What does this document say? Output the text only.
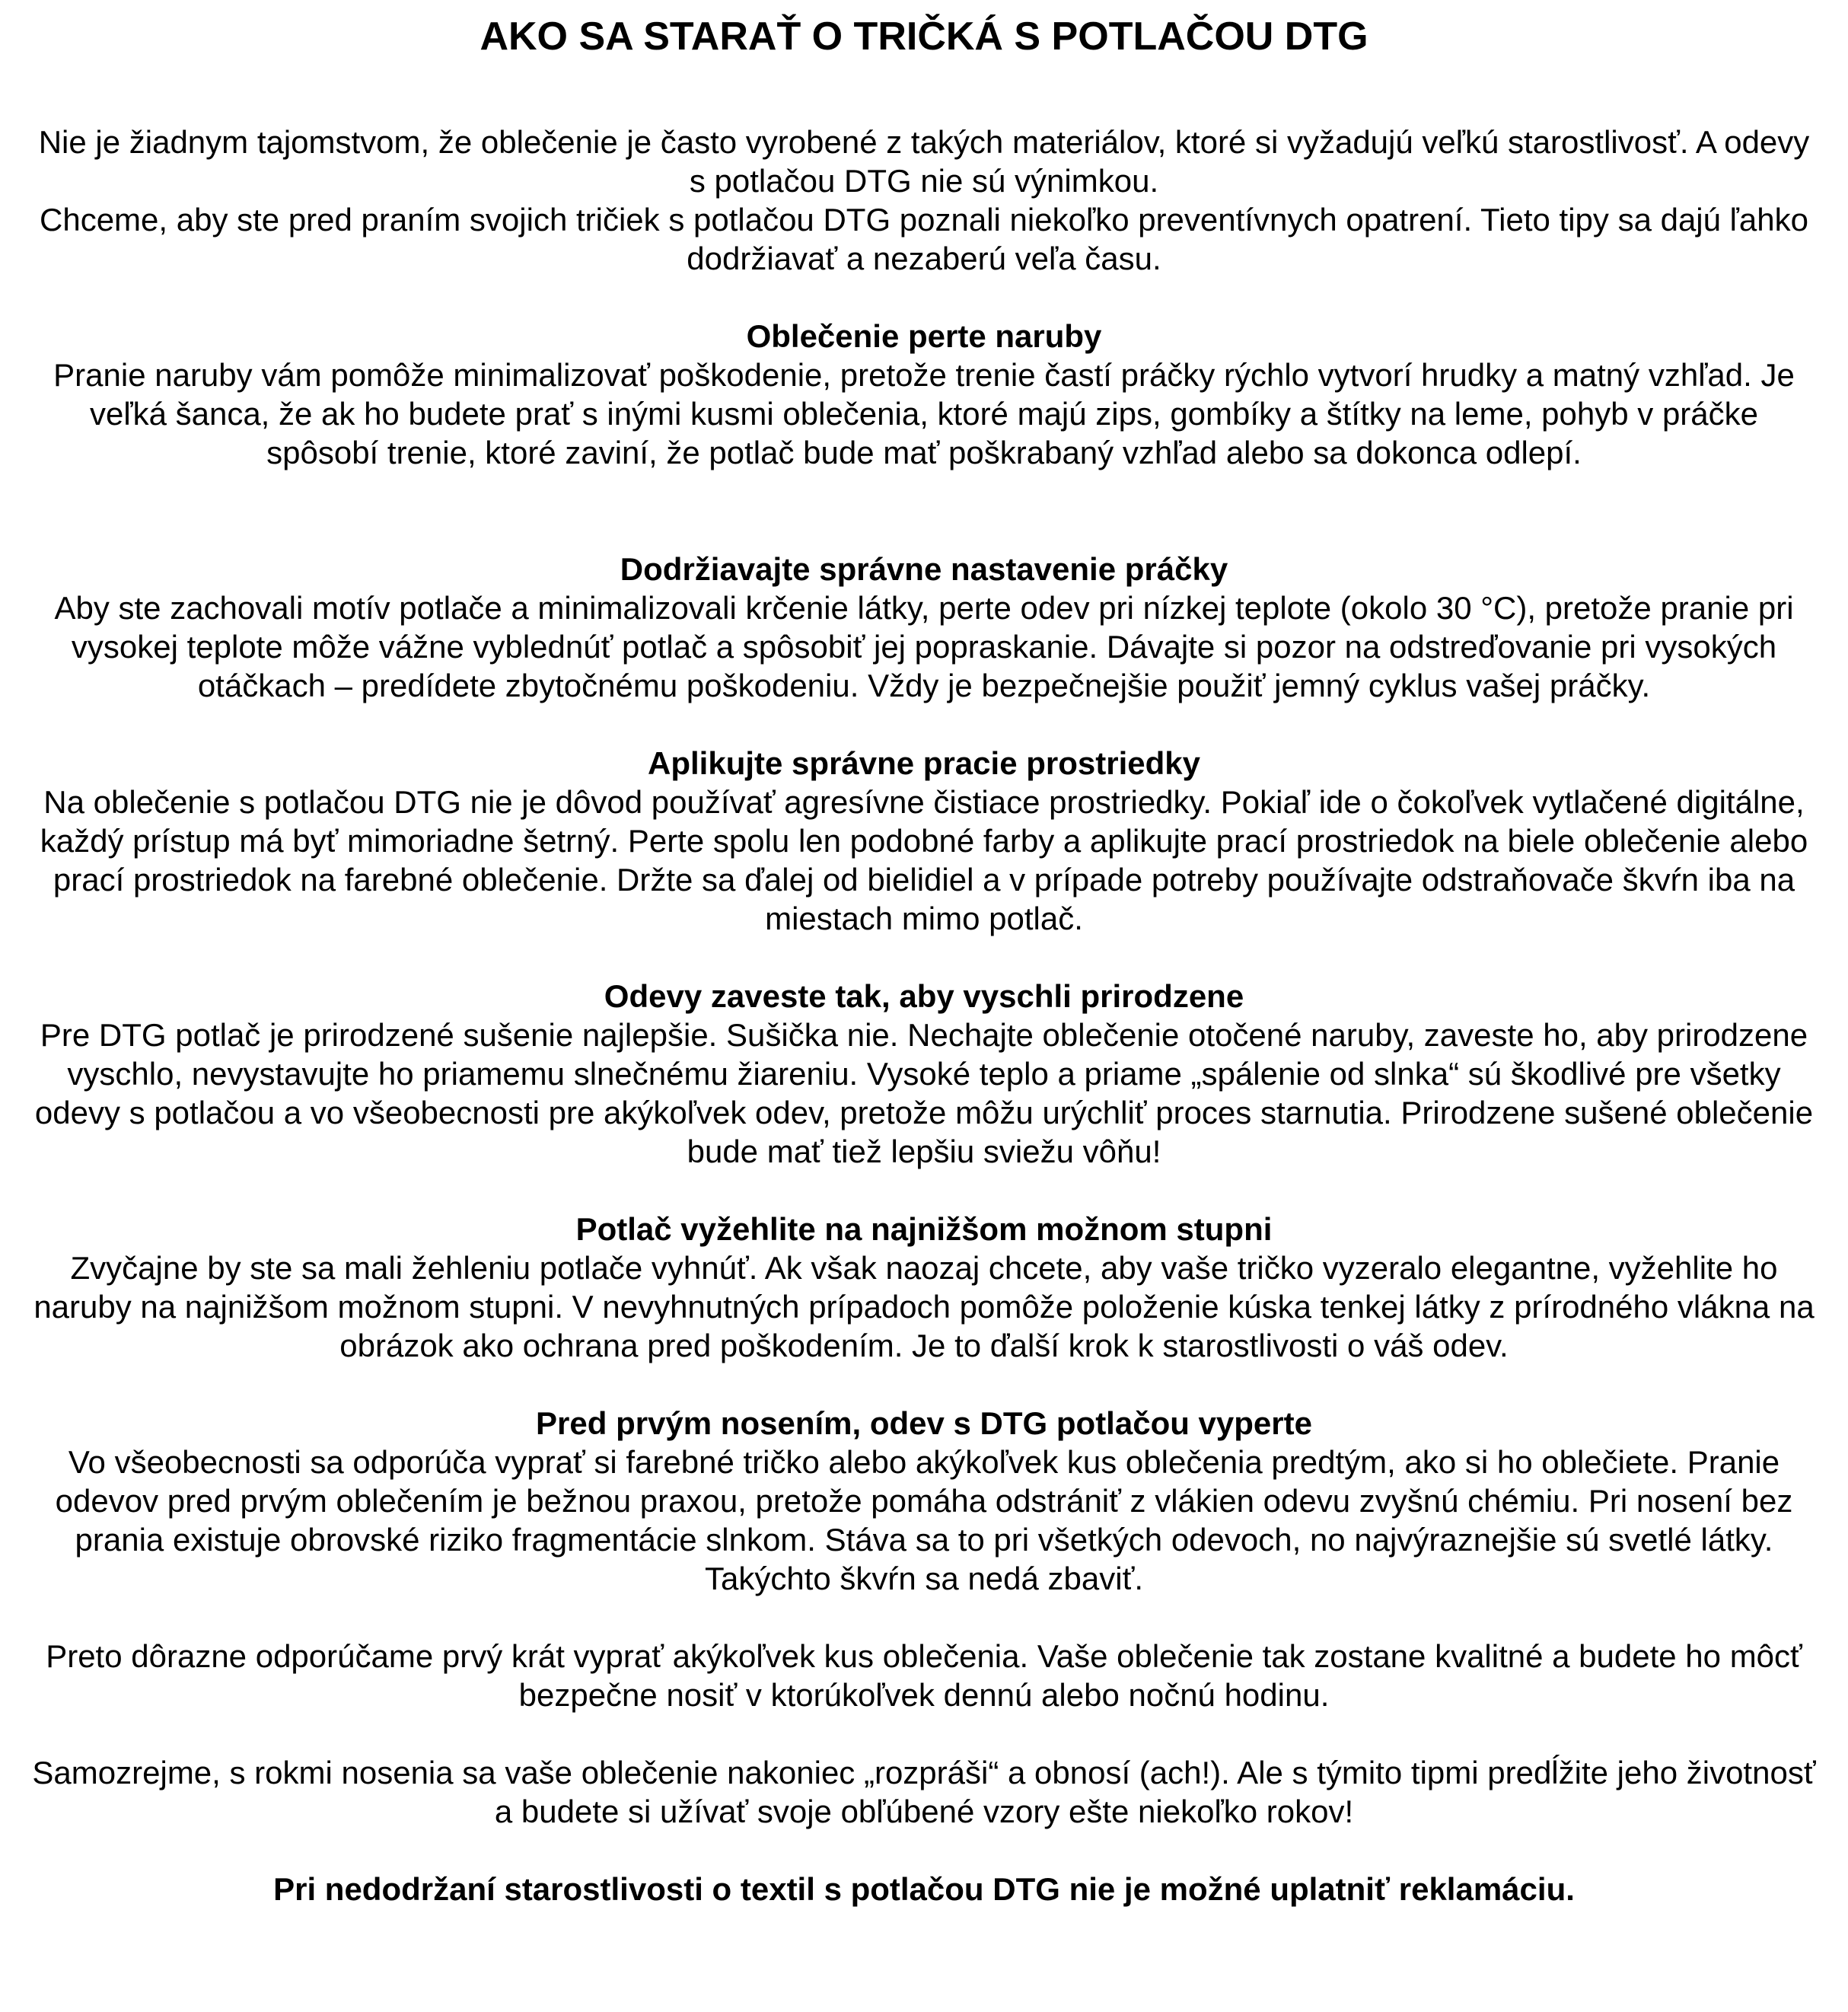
AKO SA STARAŤ O TRIČKÁ S POTLAČOU DTG

Nie je žiadnym tajomstvom, že oblečenie je často vyrobené z takých materiálov, ktoré si vyžadujú veľkú starostlivosť. A odevy s potlačou DTG nie sú výnimkou.

Chceme, aby ste pred praním svojich tričiek s potlačou DTG poznali niekoľko preventívnych opatrení. Tieto tipy sa dajú ľahko dodržiavať a nezaberú veľa času.

Oblečenie perte naruby
Pranie naruby vám pomôže minimalizovať poškodenie, pretože trenie častí práčky rýchlo vytvorí hrudky a matný vzhľad. Je veľká šanca, že ak ho budete prať s inými kusmi oblečenia, ktoré majú zips, gombíky a štítky na leme, pohyb v práčke spôsobí trenie, ktoré zaviní, že potlač bude mať poškrabaný vzhľad alebo sa dokonca odlepí.
Dodržiavajte správne nastavenie práčky
Aby ste zachovali motív potlače a minimalizovali krčenie látky, perte odev pri nízkej teplote (okolo 30 °C), pretože pranie pri vysokej teplote môže vážne vyblednúť potlač a spôsobiť jej popraskanie. Dávajte si pozor na odstreďovanie pri vysokých otáčkach – predídete zbytočnému poškodeniu. Vždy je bezpečnejšie použiť jemný cyklus vašej práčky.
Aplikujte správne pracie prostriedky
Na oblečenie s potlačou DTG nie je dôvod používať agresívne čistiace prostriedky. Pokiaľ ide o čokoľvek vytlačené digitálne, každý prístup má byť mimoriadne šetrný. Perte spolu len podobné farby a aplikujte prací prostriedok na biele oblečenie alebo prací prostriedok na farebné oblečenie. Držte sa ďalej od bielidiel a v prípade potreby používajte odstraňovače škvŕn iba na miestach mimo potlač.
Odevy zaveste tak, aby vyschli prirodzene
Pre DTG potlač je prirodzené sušenie najlepšie. Sušička nie. Nechajte oblečenie otočené naruby, zaveste ho, aby prirodzene vyschlo, nevystavujte ho priamemu slnečnému žiareniu. Vysoké teplo a priame „spálenie od slnka“ sú škodlivé pre všetky odevy s potlačou a vo všeobecnosti pre akýkoľvek odev, pretože môžu urýchliť proces starnutia. Prirodzene sušené oblečenie bude mať tiež lepšiu sviežu vôňu!
Potlač vyžehlite na najnižšom možnom stupni
Zvyčajne by ste sa mali žehleniu potlače vyhnúť. Ak však naozaj chcete, aby vaše tričko vyzeralo elegantne, vyžehlite ho naruby na najnižšom možnom stupni. V nevyhnutných prípadoch pomôže položenie kúska tenkej látky z prírodného vlákna na obrázok ako ochrana pred poškodením. Je to ďalší krok k starostlivosti o váš odev.
Pred prvým nosením, odev s DTG potlačou vyperte
Vo všeobecnosti sa odporúča vyprať si farebné tričko alebo akýkoľvek kus oblečenia predtým, ako si ho oblečiete. Pranie odevov pred prvým oblečením je bežnou praxou, pretože pomáha odstrániť z vlákien odevu zvyšnú chémiu. Pri nosení bez prania existuje obrovské riziko fragmentácie slnkom. Stáva sa to pri všetkých odevoch, no najvýraznejšie sú svetlé látky. Takýchto škvŕn sa nedá zbaviť.

Preto dôrazne odporúčame prvý krát vyprať akýkoľvek kus oblečenia. Vaše oblečenie tak zostane kvalitné a budete ho môcť bezpečne nosiť v ktorúkoľvek dennú alebo nočnú hodinu.

Samozrejme, s rokmi nosenia sa vaše oblečenie nakoniec „rozpráši“ a obnosí (ach!). Ale s týmito tipmi predĺžite jeho životnosť a budete si užívať svoje obľúbené vzory ešte niekoľko rokov!

Pri nedodržaní starostlivosti o textil s potlačou DTG nie je možné uplatniť reklamáciu.
